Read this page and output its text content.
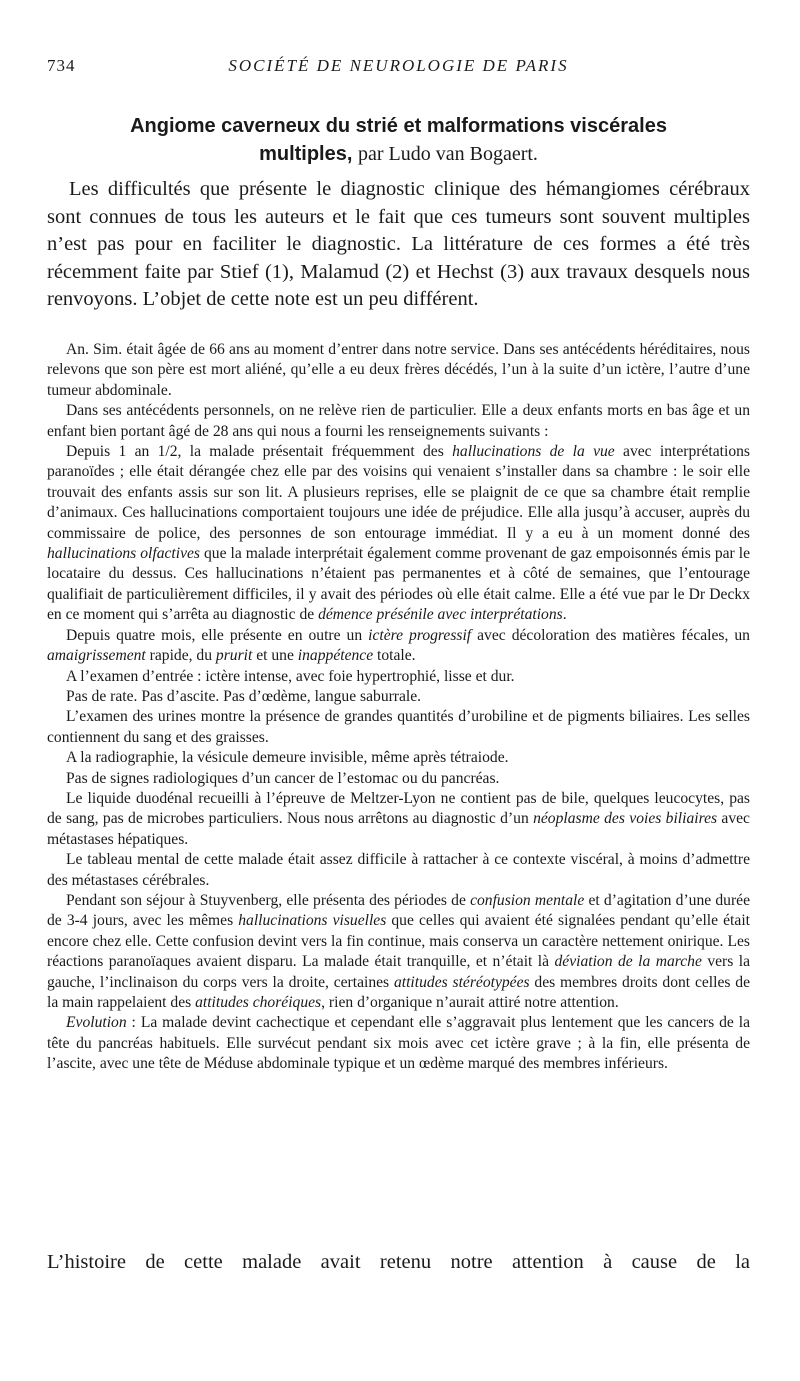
734	SOCIÉTÉ DE NEUROLOGIE DE PARIS
Angiome caverneux du strié et malformations viscérales
multiples, par Ludo van Bogaert.

Les difficultés que présente le diagnostic clinique des hémangiomes cérébraux sont connues de tous les auteurs et le fait que ces tumeurs sont souvent multiples n’est pas pour en faciliter le diagnostic. La littérature de ces formes a été très récemment faite par Stief (1), Malamud (2) et Hechst (3) aux travaux desquels nous renvoyons. L’objet de cette note est un peu différent.

An. Sim. était âgée de 66 ans au moment d’entrer dans notre service. Dans ses antécédents héréditaires, nous relevons que son père est mort aliéné, qu’elle a eu deux frères décédés, l’un à la suite d’un ictère, l’autre d’une tumeur abdominale.

Dans ses antécédents personnels, on ne relève rien de particulier. Elle a deux enfants morts en bas âge et un enfant bien portant âgé de 28 ans qui nous a fourni les renseignements suivants :

Depuis 1 an 1/2, la malade présentait fréquemment des hallucinations de la vue avec interprétations paranoïdes ; elle était dérangée chez elle par des voisins qui venaient s’installer dans sa chambre : le soir elle trouvait des enfants assis sur son lit. A plusieurs reprises, elle se plaignit de ce que sa chambre était remplie d’animaux. Ces hallucinations comportaient toujours une idée de préjudice. Elle alla jusqu’à accuser, auprès du commissaire de police, des personnes de son entourage immédiat. Il y a eu à un moment donné des hallucinations olfactives que la malade interprétait également comme provenant de gaz empoisonnés émis par le locataire du dessus. Ces hallucinations n’étaient pas permanentes et à côté de semaines, que l’entourage qualifiait de particulièrement difficiles, il y avait des périodes où elle était calme. Elle a été vue par le Dr Deckx en ce moment qui s’arrêta au diagnostic de démence présénile avec interprétations.

Depuis quatre mois, elle présente en outre un ictère progressif avec décoloration des matières fécales, un amaigrissement rapide, du prurit et une inappétence totale.

A l’examen d’entrée : ictère intense, avec foie hypertrophié, lisse et dur.

Pas de rate. Pas d’ascite. Pas d’œdème, langue saburrale.

L’examen des urines montre la présence de grandes quantités d’urobiline et de pigments biliaires. Les selles contiennent du sang et des graisses.

A la radiographie, la vésicule demeure invisible, même après tétraiode.

Pas de signes radiologiques d’un cancer de l’estomac ou du pancréas.

Le liquide duodénal recueilli à l’épreuve de Meltzer-Lyon ne contient pas de bile, quelques leucocytes, pas de sang, pas de microbes particuliers. Nous nous arrêtons au diagnostic d’un néoplasme des voies biliaires avec métastases hépatiques.

Le tableau mental de cette malade était assez difficile à rattacher à ce contexte viscéral, à moins d’admettre des métastases cérébrales.

Pendant son séjour à Stuyvenberg, elle présenta des périodes de confusion mentale et d’agitation d’une durée de 3-4 jours, avec les mêmes hallucinations visuelles que celles qui avaient été signalées pendant qu’elle était encore chez elle. Cette confusion devint vers la fin continue, mais conserva un caractère nettement onirique. Les réactions paranoïaques avaient disparu. La malade était tranquille, et n’était là déviation de la marche vers la gauche, l’inclinaison du corps vers la droite, certaines attitudes stéréotypées des membres droits dont celles de la main rappelaient des attitudes choréiques, rien d’organique n’aurait attiré notre attention.

Evolution : La malade devint cachectique et cependant elle s’aggravait plus lentement que les cancers de la tête du pancréas habituels. Elle survécut pendant six mois avec cet ictère grave ; à la fin, elle présenta de l’ascite, avec une tête de Méduse abdominale typique et un œdème marqué des membres inférieurs.

L’histoire de cette malade avait retenu notre attention à cause de la
